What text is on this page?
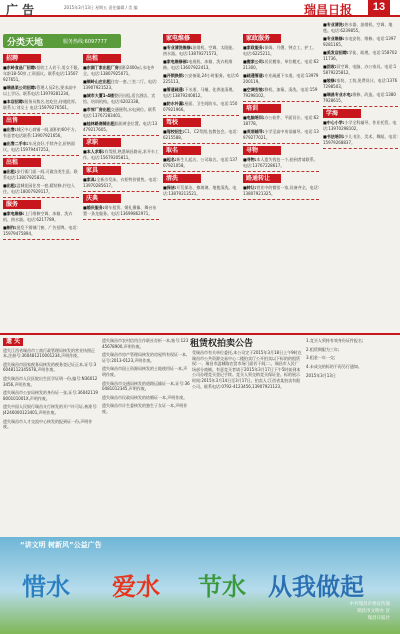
广 告	2015年3月13日 星期五 责任编辑 / 美 编	瑞昌日报	13
分类天地	服务热线:6097777
招聘
■东岭食品厂招聘:招收工人若干,男女不限,年龄18-50岁,工资面议。联系电话:13507927651。
■瑞昌某公司招聘:管理人员2名,要求高中以上学历。联系电话:13979281234。
■本店招聘:服务员数名,包吃住,待遇优厚。联系人:刘女士 电话:15979276561。
出售
■出售:城区中心商铺一间,面积约60平方,有意者电话联系:13907921656。
■出售二手车:车况良好,手续齐全,价格面议。电话:15979447253。
出租
■出租:步行街门面一间,可做各类生意。联系电话:13807925831。
■出租:湓城花园住房一套,精装修,拎包入住。电话:18007929117。
服务
■家电维修:上门维修空调、冰箱、洗衣机、热水器。电话:6217789。
■制作:批发不锈钢门窗、广告招牌。电话:15979475894。
出租
■东湖丁家出租厂房面积2400㎡,水电齐全。电话:13807925071。
■铜岭山庄出租住房一套,三室二厅。电话:13907921523。
■城市大厦1-4楼整层出租,适合酒店、宾馆、培训机构。电话:6202338。
■市郊厂房出租交通便利,水电到位。联系电话:13767283401。
■桂林路商铺出租临街黄金位置。电话:13479217605。
求职
■本人求职:有驾照,熟悉瑞昌路况,求开车工作。电话:15679205811。
家具
■家具:全新沙发床、衣柜特价销售。电话:13970285617。
庆典
■婚庆服务:婚车租赁、婚礼摄像、舞台布置一条龙服务。电话:13699862971。
家电维修
■专业清洗维修:油烟机、空调、太阳能、热水器。电话:13879271573。
■家电维修部:电视机、冰箱、洗衣机维修。电话:13607922413。
■开锁换锁:公安备案,24小时服务。电话:6225113。
■管道疏通:下水道、马桶、化粪池清理。电话:13879240812。
■防水补漏:屋面、卫生间防水。电话:15007921966。
驾校
■驾校招生:C1、C2驾照,包教包会。电话:6215588。
取名
■起名:新生儿起名、公司取名。电话:13707921058。
清洗
■保洁:开荒保洁、擦玻璃、地毯清洗。电话:13879213521。
家政服务
■家政服务:保姆、月嫂、钟点工、护工。电话:6225211。
■搬家公司:居民搬家、单位搬迁。电话:6221300。
■疏通管道:专业疏通下水道。电话:13979200119。
■空调安装:移机、加氟、清洗。电话:15979298102。
培训
■电脑培训:办公软件、平面设计。电话:6218778。
■英语辅导:小学至高中英语辅导。电话:13979277021。
寻物
■寻物:本人遗失钱包一个,拾到者请联系。电话:13767228617。
路通转让
■转让:营业中的餐馆一家,设备齐全。电话:13807921325。
■专业清洗:热水器、油烟机、空调、地毯。电话:6239855。
■专业维修:水电安装、维修。电话:13979281165。
■美发店招聘:学徒、助理。电话:15870211736。
■回收:旧空调、电脑、办公家具。电话:15879225812。
■装修:家装、工装,免费设计。电话:13767298503。
■瑞昌专业水电:维修、改造。电话:13807928615。
学海
■中心小学:小学全科辅导、作业托管。电话:13970298102。
■书法培训:少儿书法、美术、舞蹈。电话:15979268837。
遗 失

遗失江西省瑞昌市工商行政管理局核发的营业执照正本,注册号:360481210001234,声明作废。

遗失瑞昌市国家税务局核发的税务登记证正本,证号:36048112345678,声明作废。

遗失瑞昌市人民医院出生医学证明一份,编号:N360123456,声明作废。

遗失瑞昌市公安局核发的身份证一张,证号:36042119800101001X,声明作废。

遗失中国人民银行瑞昌支行核发的开户许可证,核准号:J4246000123401,声明作废。

遗失瑞昌市人才交流中心核发的报到证一份,声明作废。

遗失瑞昌市农村信用合作联社存折一本,账号:12345678900,声明作废。

遗失瑞昌市房产管理局核发的房屋所有权证一本,证号:2013-0123,声明作废。

遗失瑞昌市国土资源局核发的土地使用证一本,声明作废。

遗失瑞昌市交通局核发的道路运输证一本,证号:360481012345,声明作废。

遗失瑞昌市民政局核发的结婚证一本,声明作废。

遗失瑞昌市计生委核发的独生子女证一本,声明作废。

租赁权拍卖公告
受瑞昌市有关单位委托,本公司定于2015年3月18日上午9时在瑞昌市公共资源交易中心二楼拍卖厅公开拍卖以下标的的租赁权:一、瑞昌市湓城路农贸市场门面若干间;二、瑞昌市人民广场部分商铺。有意竞买者请于2015年3月17日下午5时前到本公司办理竞买登记手续。竞买人须交纳竞买保证金。标的展示时间:2015年3月14日至3月17日。拍卖人:江西省某拍卖有限公司。联系电话:0792-4123456,13907921123。

1.竞买人须持有效身份证件报名;

2.租赁期限为三年;

3.租金一年一交;

4.未成交的标的不再另行通知。

2015年3月13日
“讲文明 树新风”公益广告
惜水 爱水 节水 从我做起
中共瑞昌市委宣传部
瑞昌市文明办 宣
瑞昌日报社
